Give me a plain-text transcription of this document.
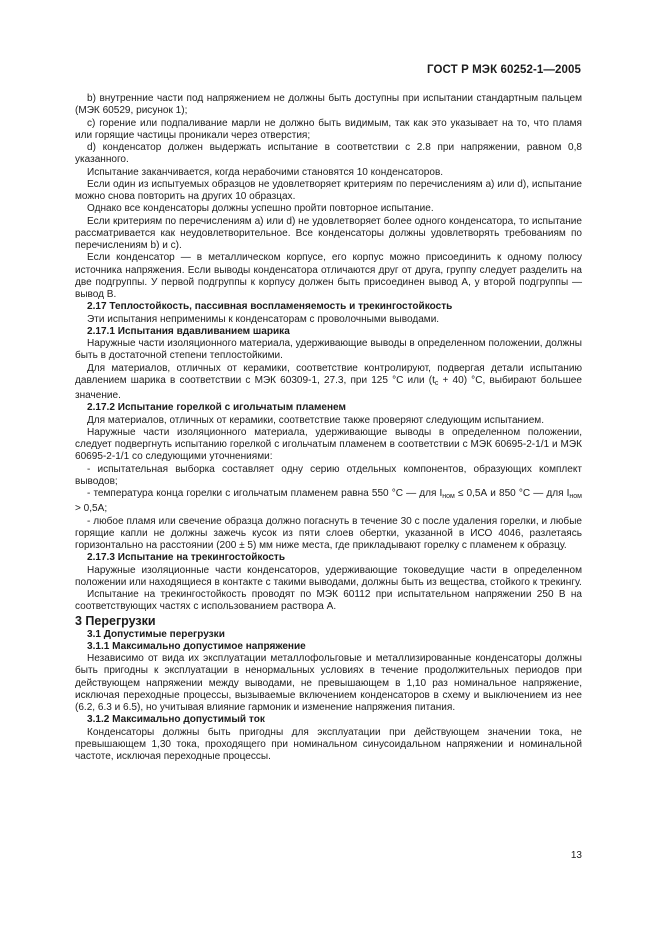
ГОСТ Р МЭК 60252-1—2005

b) внутренние части под напряжением не должны быть доступны при испытании стандартным пальцем (МЭК 60529, рисунок 1);

c) горение или подпаливание марли не должно быть видимым, так как это указывает на то, что пламя или горящие частицы проникали через отверстия;

d) конденсатор должен выдержать испытание в соответствии с 2.8 при напряжении, равном 0,8 указанного.

Испытание заканчивается, когда нерабочими становятся 10 конденсаторов.

Если один из испытуемых образцов не удовлетворяет критериям по перечислениям a) или d), испытание можно снова повторить на других 10 образцах.

Однако все конденсаторы должны успешно пройти повторное испытание.

Если критериям по перечислениям a) или d) не удовлетворяет более одного конденсатора, то испытание рассматривается как неудовлетворительное. Все конденсаторы должны удовлетворять требованиям по перечислениям b) и c).

Если конденсатор — в металлическом корпусе, его корпус можно присоединить к одному полюсу источника напряжения. Если выводы конденсатора отличаются друг от друга, группу следует разделить на две подгруппы. У первой подгруппы к корпусу должен быть присоединен вывод А, у второй подгруппы — вывод В.

2.17 Теплостойкость, пассивная воспламеняемость и трекингостойкость

Эти испытания неприменимы к конденсаторам с проволочными выводами.

2.17.1 Испытания вдавливанием шарика

Наружные части изоляционного материала, удерживающие выводы в определенном положении, должны быть в достаточной степени теплостойкими.

Для материалов, отличных от керамики, соответствие контролируют, подвергая детали испытанию давлением шарика в соответствии с МЭК 60309-1, 27.3, при 125 °С или $(t_c + 40)$ °С, выбирают большее значение.

2.17.2 Испытание горелкой с игольчатым пламенем

Для материалов, отличных от керамики, соответствие также проверяют следующим испытанием.

Наружные части изоляционного материала, удерживающие выводы в определенном положении, следует подвергнуть испытанию горелкой с игольчатым пламенем в соответствии с МЭК 60695-2-1/1 и МЭК 60695-2-1/1 со следующими уточнениями:

- испытательная выборка составляет одну серию отдельных компонентов, образующих комплект выводов;

- температура конца горелки с игольчатым пламенем равна 550 °С — для $I_{ном} \le 0,5А$ и 850 °С — для $I_{ном} > 0,5А$;

- любое пламя или свечение образца должно погаснуть в течение 30 с после удаления горелки, и любые горящие капли не должны зажечь кусок из пяти слоев обертки, указанной в ИСО 4046, разлетаясь горизонтально на расстоянии (200 ± 5) мм ниже места, где прикладывают горелку с пламенем к образцу.

2.17.3 Испытание на трекингостойкость

Наружные изоляционные части конденсаторов, удерживающие токоведущие части в определенном положении или находящиеся в контакте с такими выводами, должны быть из вещества, стойкого к трекингу.

Испытание на трекингостойкость проводят по МЭК 60112 при испытательном напряжении 250 В на соответствующих частях с использованием раствора А.

3 Перегрузки

3.1 Допустимые перегрузки

3.1.1 Максимально допустимое напряжение

Независимо от вида их эксплуатации металлофольговые и металлизированные конденсаторы должны быть пригодны к эксплуатации в ненормальных условиях в течение продолжительных периодов при действующем напряжении между выводами, не превышающем в 1,10 раз номинальное напряжение, исключая переходные процессы, вызываемые включением конденсаторов в схему и выключением из нее (6.2, 6.3 и 6.5), но учитывая влияние гармоник и изменение напряжения питания.

3.1.2 Максимально допустимый ток

Конденсаторы должны быть пригодны для эксплуатации при действующем значении тока, не превышающем 1,30 тока, проходящего при номинальном синусоидальном напряжении и номинальной частоте, исключая переходные процессы.

13
